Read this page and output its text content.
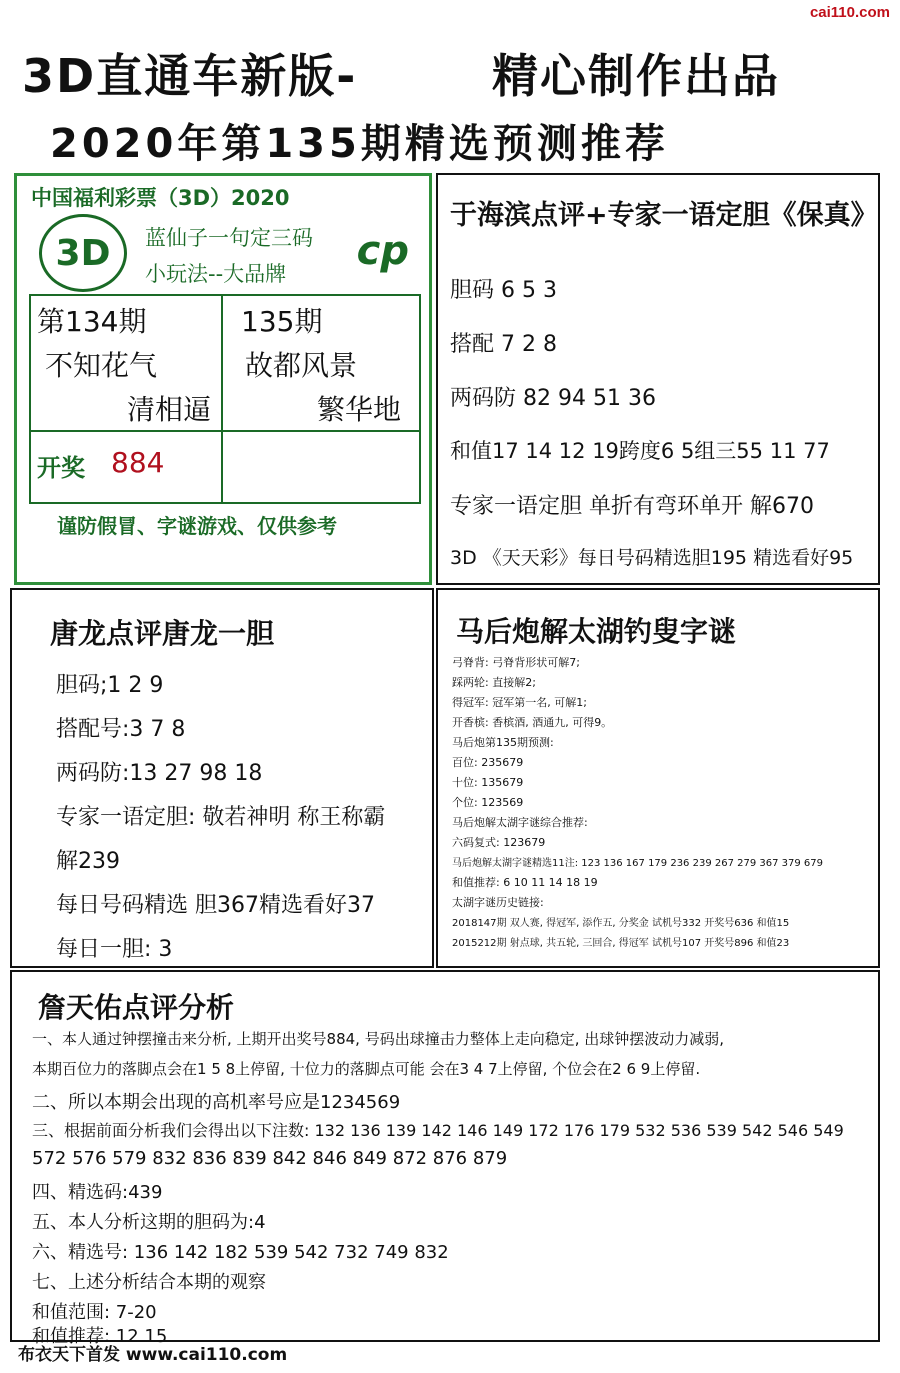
cai110.com
3D直通车新版-	精心制作出品
2020年第135期精选预测推荐
中国福利彩票（3D）2020
3D	蓝仙子一句定三码
小玩法--大品牌 cp
第134期
不知花气
清相逼
135期
故都风景
繁华地
开奖 884
谨防假冒、字谜游戏、仅供参考
于海滨点评+专家一语定胆《保真》
胆码 6 5 3
搭配 7 2 8
两码防 82 94 51 36
和值17 14 12 19跨度6 5组三55 11 77
专家一语定胆 单折有弯环单开 解670
3D 《天天彩》每日号码精选胆195 精选看好95
唐龙点评唐龙一胆
胆码;1 2 9
搭配号:3 7 8
两码防:13 27 98 18
专家一语定胆: 敬若神明 称王称霸
解239
每日号码精选 胆367精选看好37
每日一胆: 3
马后炮解太湖钓叟字谜
弓脊背: 弓脊背形状可解7;
踩两轮: 直接解2;
得冠军: 冠军第一名, 可解1;
开香槟: 香槟酒, 酒通九, 可得9。
马后炮第135期预测:
百位: 235679
十位: 135679
个位: 123569
马后炮解太湖字谜综合推荐:
六码复式: 123679
马后炮解太湖字谜精选11注: 123 136 167 179 236 239 267 279 367 379 679
和值推荐: 6 10 11 14 18 19
太湖字谜历史链接:
2018147期 双人赛, 得冠军, 添作五, 分奖金 试机号332 开奖号636 和值15
2015212期 射点球, 共五轮, 三回合, 得冠军 试机号107 开奖号896 和值23
詹天佑点评分析
一、本人通过钟摆撞击来分析, 上期开出奖号884, 号码出球撞击力整体上走向稳定, 出球钟摆波动力减弱,
本期百位力的落脚点会在1 5 8上停留, 十位力的落脚点可能 会在3 4 7上停留, 个位会在2 6 9上停留.
二、所以本期会出现的高机率号应是1234569
三、根据前面分析我们会得出以下注数: 132 136 139 142 146 149 172 176 179 532 536 539 542 546 549
572 576 579 832 836 839 842 846 849 872 876 879
四、精选码:439
五、本人分析这期的胆码为:4
六、精选号: 136 142 182 539 542 732 749 832
七、上述分析结合本期的观察
和值范围: 7-20
和值推荐: 12 15
布衣天下首发 www.cai110.com
